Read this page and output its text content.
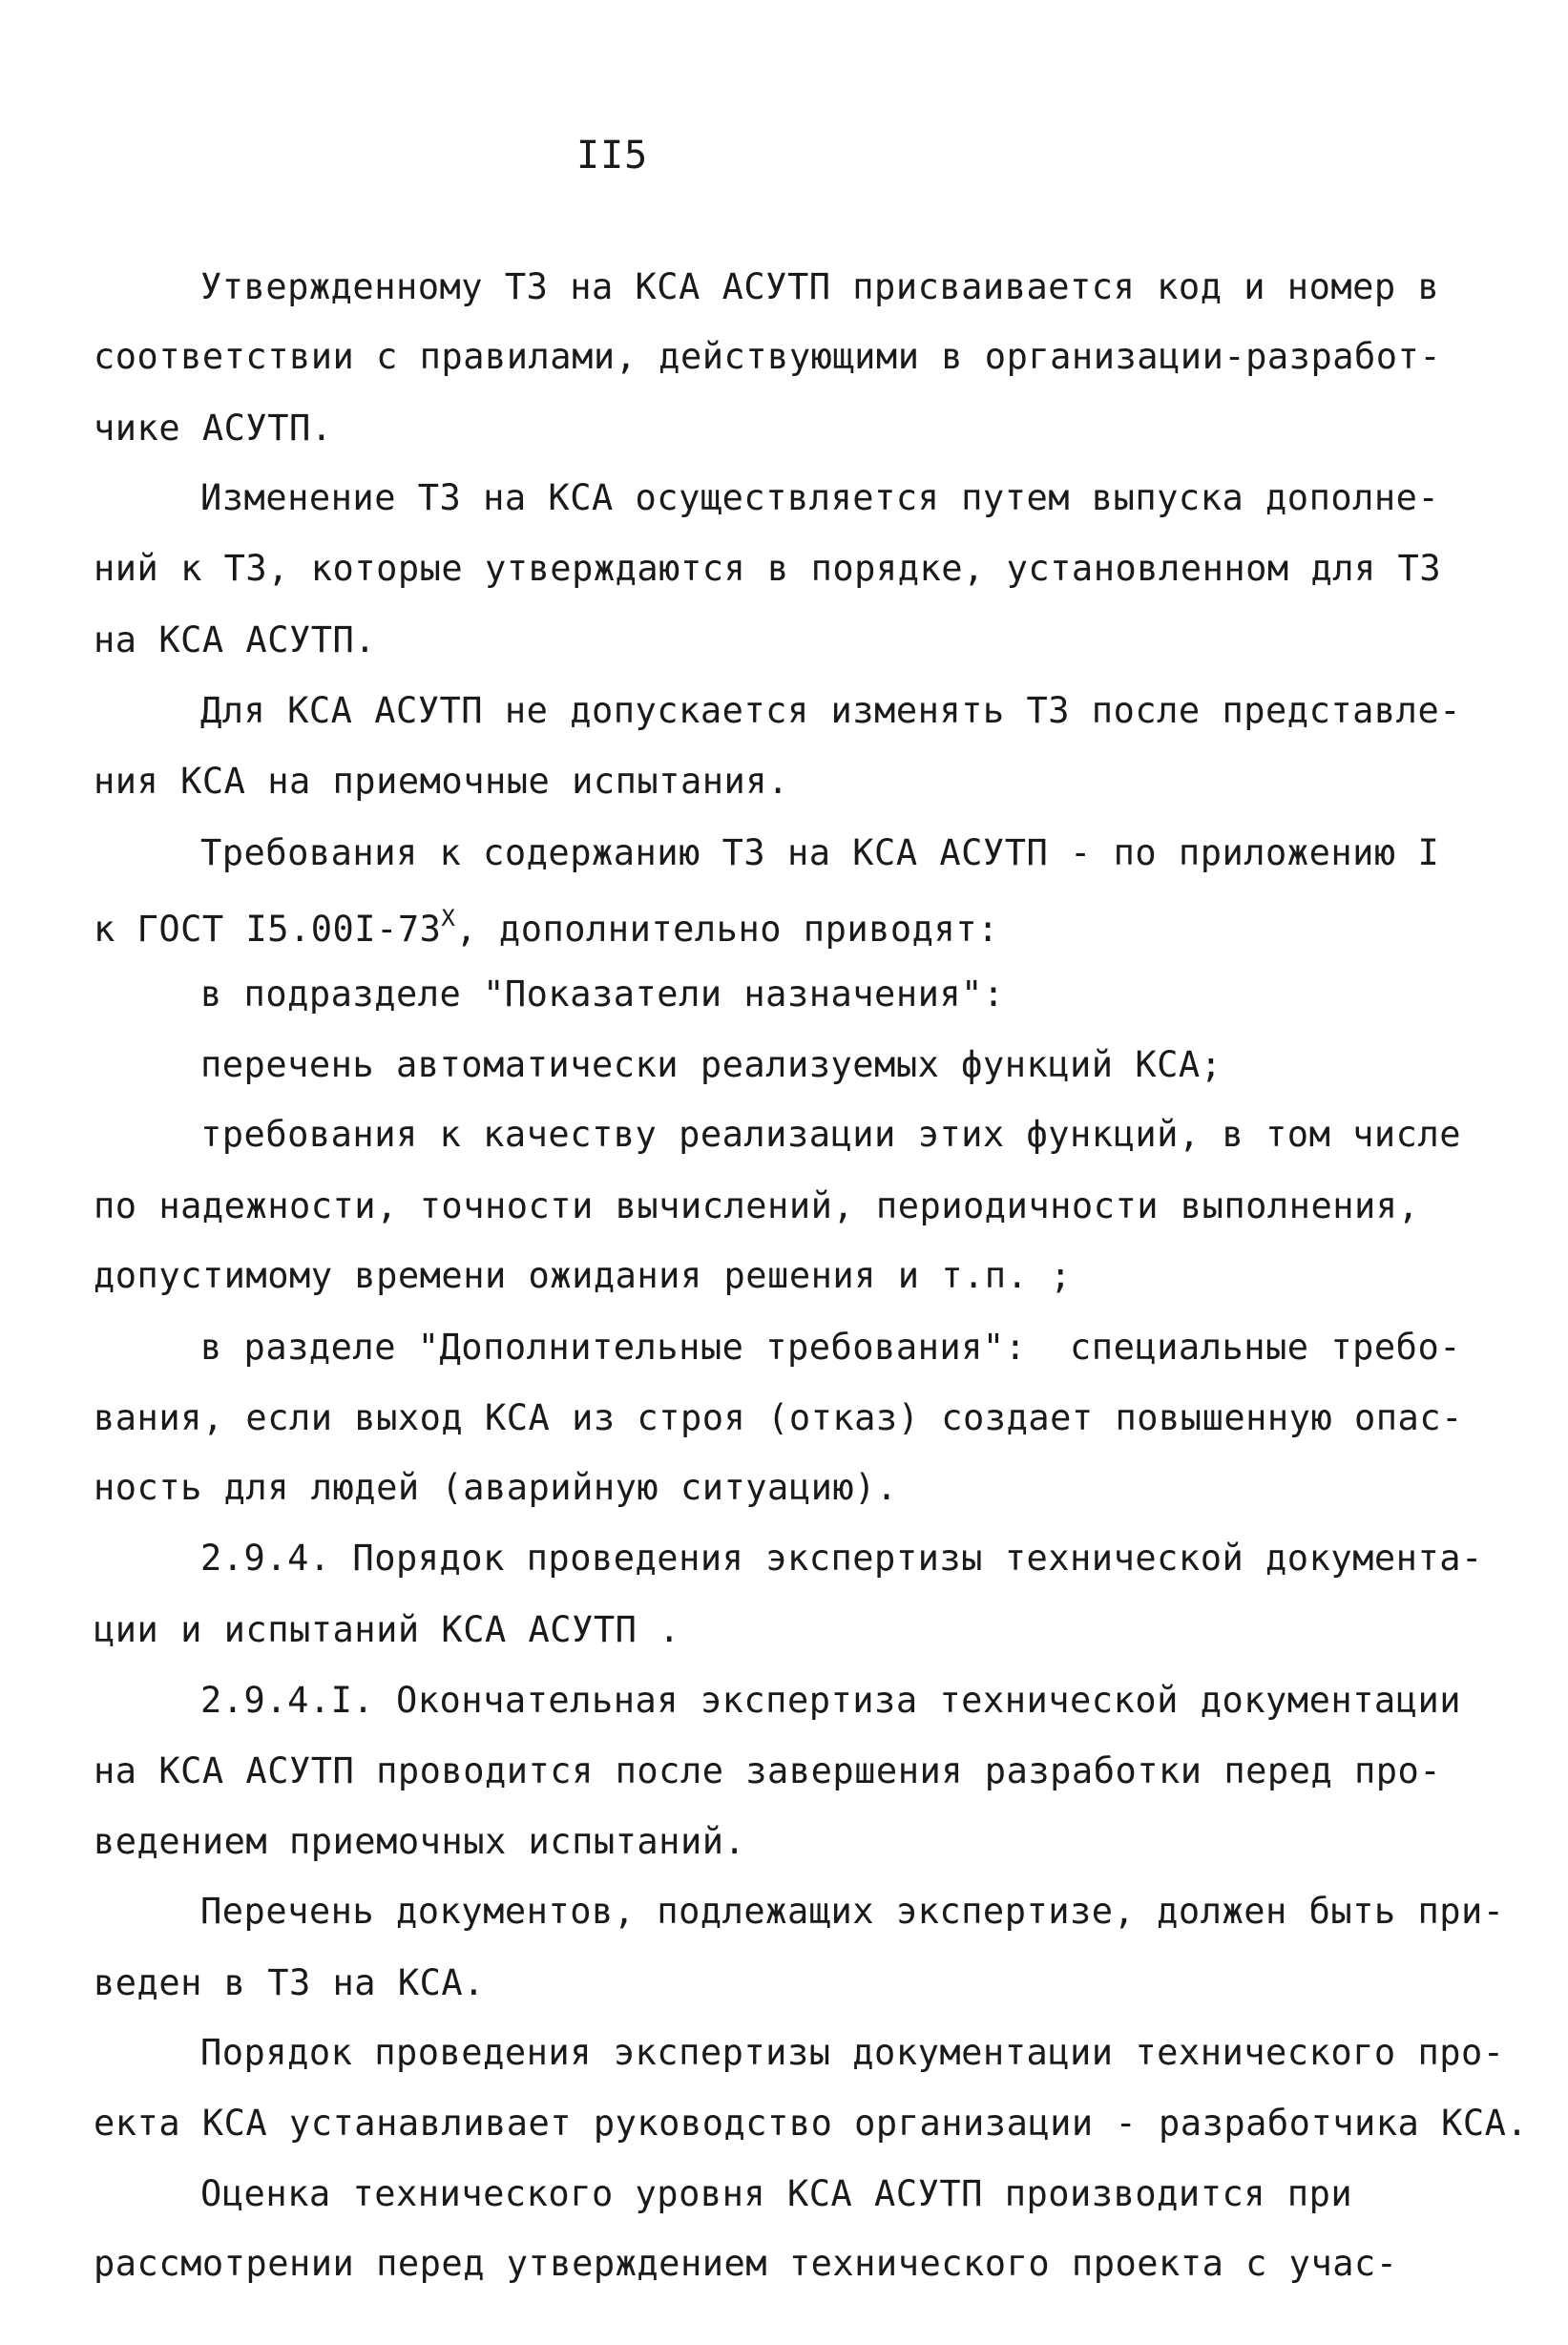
II5
Утвержденному ТЗ на КСА АСУТП присваивается код и номер в
соответствии с правилами, действующими в организации-разработ-
чике АСУТП.
Изменение ТЗ на КСА осуществляется путем выпуска дополне-
ний к ТЗ, которые утверждаются в порядке, установленном для ТЗ
на КСА АСУТП.
Для КСА АСУТП не допускается изменять ТЗ после представле-
ния КСА на приемочные испытания.
Требования к содержанию ТЗ на КСА АСУТП - по приложению I
к ГОСТ $I5.00I-73^X$, дополнительно приводят:
в подразделе "Показатели назначения":
перечень автоматически реализуемых функций КСА;
требования к качеству реализации этих функций, в том числе
по надежности, точности вычислений, периодичности выполнения,
допустимому времени ожидания решения и т.п. ;
в разделе "Дополнительные требования":  специальные требо-
вания, если выход КСА из строя (отказ) создает повышенную опас-
ность для людей (аварийную ситуацию).
2.9.4. Порядок проведения экспертизы технической документа-
ции и испытаний КСА АСУТП .
2.9.4.I. Окончательная экспертиза технической документации
на КСА АСУТП проводится после завершения разработки перед про-
ведением приемочных испытаний.
Перечень документов, подлежащих экспертизе, должен быть при-
веден в ТЗ на КСА.
Порядок проведения экспертизы документации технического про-
екта КСА устанавливает руководство организации - разработчика КСА.
Оценка технического уровня КСА АСУТП производится при
рассмотрении перед утверждением технического проекта с учас-
